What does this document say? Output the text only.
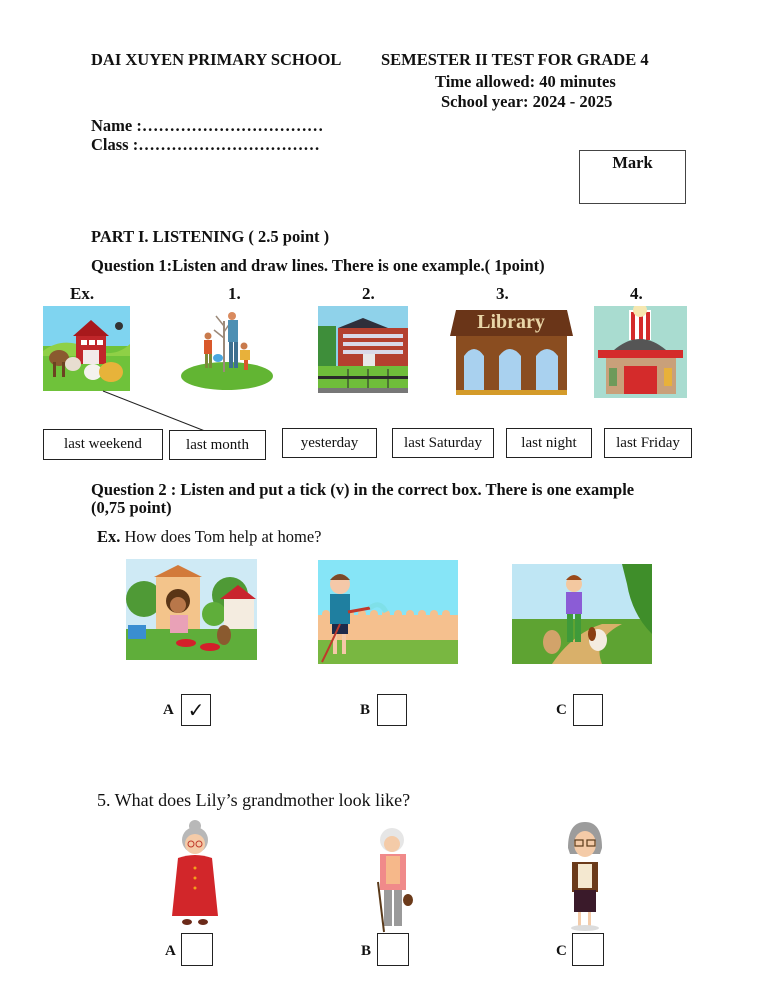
DAI XUYEN PRIMARY SCHOOL SEMESTER II TEST FOR GRADE 4
Time allowed: 40 minutes
School year: 2024 - 2025
Name :……………………………
Class :……………………………
Mark
PART I. LISTENING ( 2.5 point )
Question 1:Listen and draw lines. There is one example.( 1point)
Ex.	1.	2.	3.	4.
Library
last weekend	last month	yesterday	last Saturday	last night	last Friday
Question 2 : Listen and put a tick (v) in the correct box. There is one example
(0,75 point)
Ex. How does Tom help at home?
A ✓	B	C
5. What does Lily’s grandmother look like?
A	B	C
